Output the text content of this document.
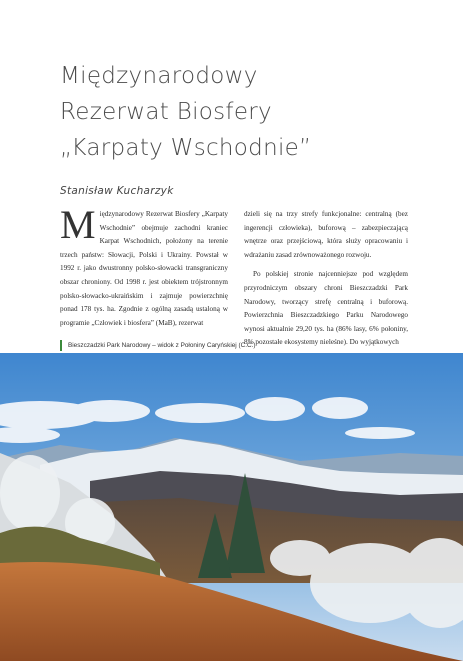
Międzynarodowy
Rezerwat Biosfery
„Karpaty Wschodnie”
Stanisław Kucharzyk

Międzynarodowy Rezerwat Biosfery „Karpaty Wschodnie” obejmuje zachodni kraniec Karpat Wschodnich, położony na terenie trzech państw: Słowacji, Polski i Ukrainy. Powstał w 1992 r. jako dwustronny polsko-słowacki transgraniczny obszar chroniony. Od 1998 r. jest obiektem trójstronnym polsko-słowacko-ukraińskim i zajmuje powierzchnię ponad 178 tys. ha. Zgodnie z ogólną zasadą ustaloną w programie „Człowiek i biosfera” (MaB), rezerwat

dzieli się na trzy strefy funkcjonalne: centralną (bez ingerencji człowieka), buforową – zabezpieczającą wnętrze oraz przejściową, która służy opracowaniu i wdrażaniu zasad zrównoważonego rozwoju.

Po polskiej stronie najcenniejsze pod względem przyrodniczym obszary chroni Bieszczadzki Park Narodowy, tworzący strefę centralną i buforową. Powierzchnia Bieszczadzkiego Parku Narodowego wynosi aktualnie 29,20 tys. ha (86% lasy, 6% połoniny, 8% pozostałe ekosystemy nieleśne). Do wyjątkowych

Bieszczadzki Park Narodowy – widok z Połoniny Caryńskiej (C.C.)
